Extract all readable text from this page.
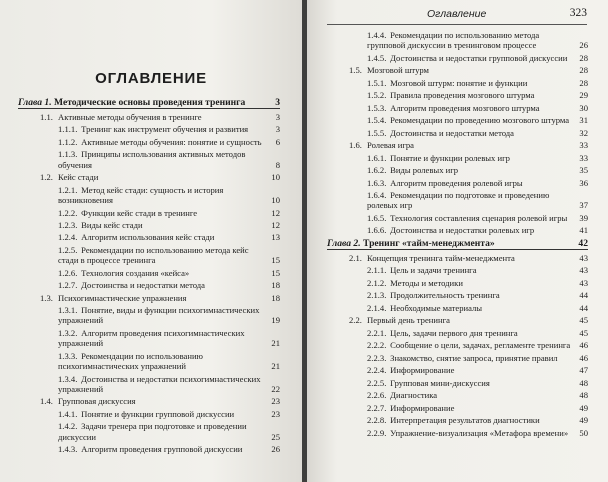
ОГЛАВЛЕНИЕ
Глава 1. Методические основы проведения тренинга	3
1.1. Активные методы обучения в тренинге	3
1.1.1. Тренинг как инструмент обучения и развития	3
1.1.2. Активные методы обучения: понятие и сущность	6
1.1.3. Принципы использования активных методов обучения	8
1.2. Кейс стади	10
1.2.1. Метод кейс стади: сущность и история возникновения	10
1.2.2. Функции кейс стади в тренинге	12
1.2.3. Виды кейс стади	12
1.2.4. Алгоритм использования кейс стади	13
1.2.5. Рекомендации по использованию метода кейс стади в процессе тренинга	15
1.2.6. Технология создания «кейса»	15
1.2.7. Достоинства и недостатки метода	18
1.3. Психогимнастические упражнения	18
1.3.1. Понятие, виды и функции психогимнастических упражнений	19
1.3.2. Алгоритм проведения психогимнастических упражнений	21
1.3.3. Рекомендации по использованию психогимнастических упражнений	21
1.3.4. Достоинства и недостатки психогимнастических упражнений	22
1.4. Групповая дискуссия	23
1.4.1. Понятие и функции групповой дискуссии	23
1.4.2. Задачи тренера при подготовке и проведении дискуссии	25
1.4.3. Алгоритм проведения групповой дискуссии	26
Оглавление	323
1.4.4. Рекомендации по использованию метода групповой дискуссии в тренинговом процессе	26
1.4.5. Достоинства и недостатки групповой дискуссии	28
1.5. Мозговой штурм	28
1.5.1. Мозговой штурм: понятие и функции	28
1.5.2. Правила проведения мозгового штурма	29
1.5.3. Алгоритм проведения мозгового штурма	30
1.5.4. Рекомендации по проведению мозгового штурма	31
1.5.5. Достоинства и недостатки метода	32
1.6. Ролевая игра	33
1.6.1. Понятие и функции ролевых игр	33
1.6.2. Виды ролевых игр	35
1.6.3. Алгоритм проведения ролевой игры	36
1.6.4. Рекомендации по подготовке и проведению ролевых игр	37
1.6.5. Технология составления сценария ролевой игры	39
1.6.6. Достоинства и недостатки ролевых игр	41
Глава 2. Тренинг «тайм-менеджмента»	42
2.1. Концепция тренинга тайм-менеджмента	43
2.1.1. Цель и задачи тренинга	43
2.1.2. Методы и методики	43
2.1.3. Продолжительность тренинга	44
2.1.4. Необходимые материалы	44
2.2. Первый день тренинга	45
2.2.1. Цель, задачи первого дня тренинга	45
2.2.2. Сообщение о цели, задачах, регламенте тренинга	46
2.2.3. Знакомство, снятие запроса, принятие правил	46
2.2.4. Информирование	47
2.2.5. Групповая мини-дискуссия	48
2.2.6. Диагностика	48
2.2.7. Информирование	49
2.2.8. Интерпретация результатов диагностики	49
2.2.9. Упражнение-визуализация «Метафора времени»	50
